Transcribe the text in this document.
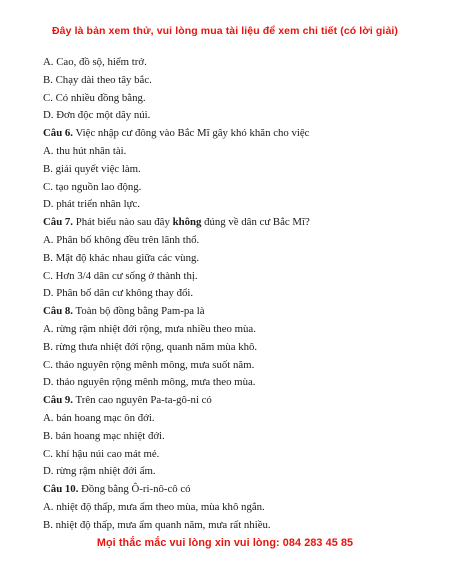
Đây là bản xem thử, vui lòng mua tài liệu để xem chi tiết (có lời giải)
A. Cao, đồ sộ, hiểm trở.
B. Chạy dài theo tây bắc.
C. Có nhiều đồng bằng.
D. Đơn độc một dãy núi.
Câu 6. Việc nhập cư đông vào Bắc Mĩ gây khó khăn cho việc
A. thu hút nhân tài.
B. giải quyết việc làm.
C. tạo nguồn lao động.
D. phát triển nhân lực.
Câu 7. Phát biểu nào sau đây không đúng về dân cư Bắc Mĩ?
A. Phân bố không đều trên lãnh thổ.
B. Mật độ khác nhau giữa các vùng.
C. Hơn 3/4 dân cư sống ở thành thị.
D. Phân bố dân cư không thay đổi.
Câu 8. Toàn bộ đồng bằng Pam-pa là
A. rừng rậm nhiệt đới rộng, mưa nhiều theo mùa.
B. rừng thưa nhiệt đới rộng, quanh năm mùa khô.
C. thảo nguyên rộng mênh mông, mưa suốt năm.
D. thảo nguyên rộng mênh mông, mưa theo mùa.
Câu 9. Trên cao nguyên Pa-ta-gô-ni có
A. bán hoang mạc ôn đới.
B. bán hoang mạc nhiệt đới.
C. khí hậu núi cao mát mẻ.
D. rừng rậm nhiệt đới ẩm.
Câu 10. Đồng bằng Ô-ri-nô-cô có
A. nhiệt độ thấp, mưa ẩm theo mùa, mùa khô ngắn.
B. nhiệt độ thấp, mưa ẩm quanh năm, mưa rất nhiều.
Mọi thắc mắc vui lòng xin vui lòng: 084 283 45 85
